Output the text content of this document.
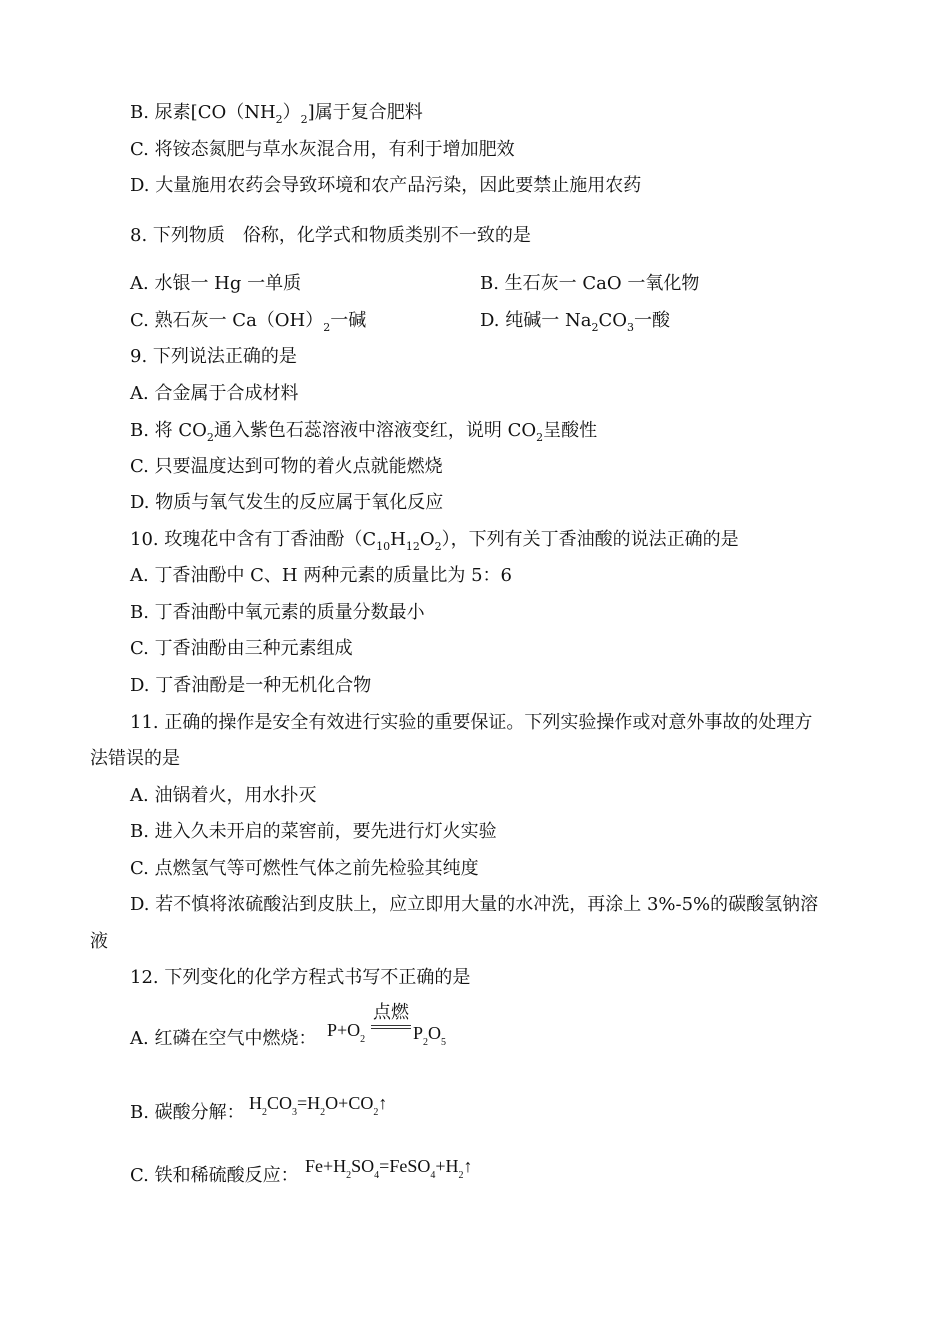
B. 尿素$[CO(NH_2)_2]$属于复合肥料
C. 将铵态氮肥与草水灰混合用，有利于增加肥效
D. 大量施用农药会导致环境和农产品污染，因此要禁止施用农药
8. 下列物质　俗称，化学式和物质类别不一致的是
A. 水银一 Hg 一单质	B. 生石灰一 CaO 一氧化物
C. 熟石灰一 $Ca(OH)_2$一碱	D. 纯碱一 $Na_2CO_3$一酸
9. 下列说法正确的是
A. 合金属于合成材料
B. 将 $CO_2$通入紫色石蕊溶液中溶液变红，说明 $CO_2$呈酸性
C. 只要温度达到可物的着火点就能燃烧
D. 物质与氧气发生的反应属于氧化反应
10. 玫瑰花中含有丁香油酚$(C_{10}H_{12}O_2)$，下列有关丁香油酸的说法正确的是
A. 丁香油酚中 C、H 两种元素的质量比为 5：6
B. 丁香油酚中氧元素的质量分数最小
C. 丁香油酚由三种元素组成
D. 丁香油酚是一种无机化合物
11. 正确的操作是安全有效进行实验的重要保证。下列实验操作或对意外事故的处理方
法错误的是
A. 油锅着火，用水扑灭
B. 进入久未开启的菜窖前，要先进行灯火实验
C. 点燃氢气等可燃性气体之前先检验其纯度
D. 若不慎将浓硫酸沾到皮肤上，应立即用大量的水冲洗，再涂上 3%-5%的碳酸氢钠溶
液
12. 下列变化的化学方程式书写不正确的是
A. 红磷在空气中燃烧： $P+O_2$
点燃
$P_2O_5$
B. 碳酸分解： $H_2CO_3=H_2O+CO_2↑$
C. 铁和稀硫酸反应： $Fe+H_2SO_4=FeSO_4+H_2↑$
